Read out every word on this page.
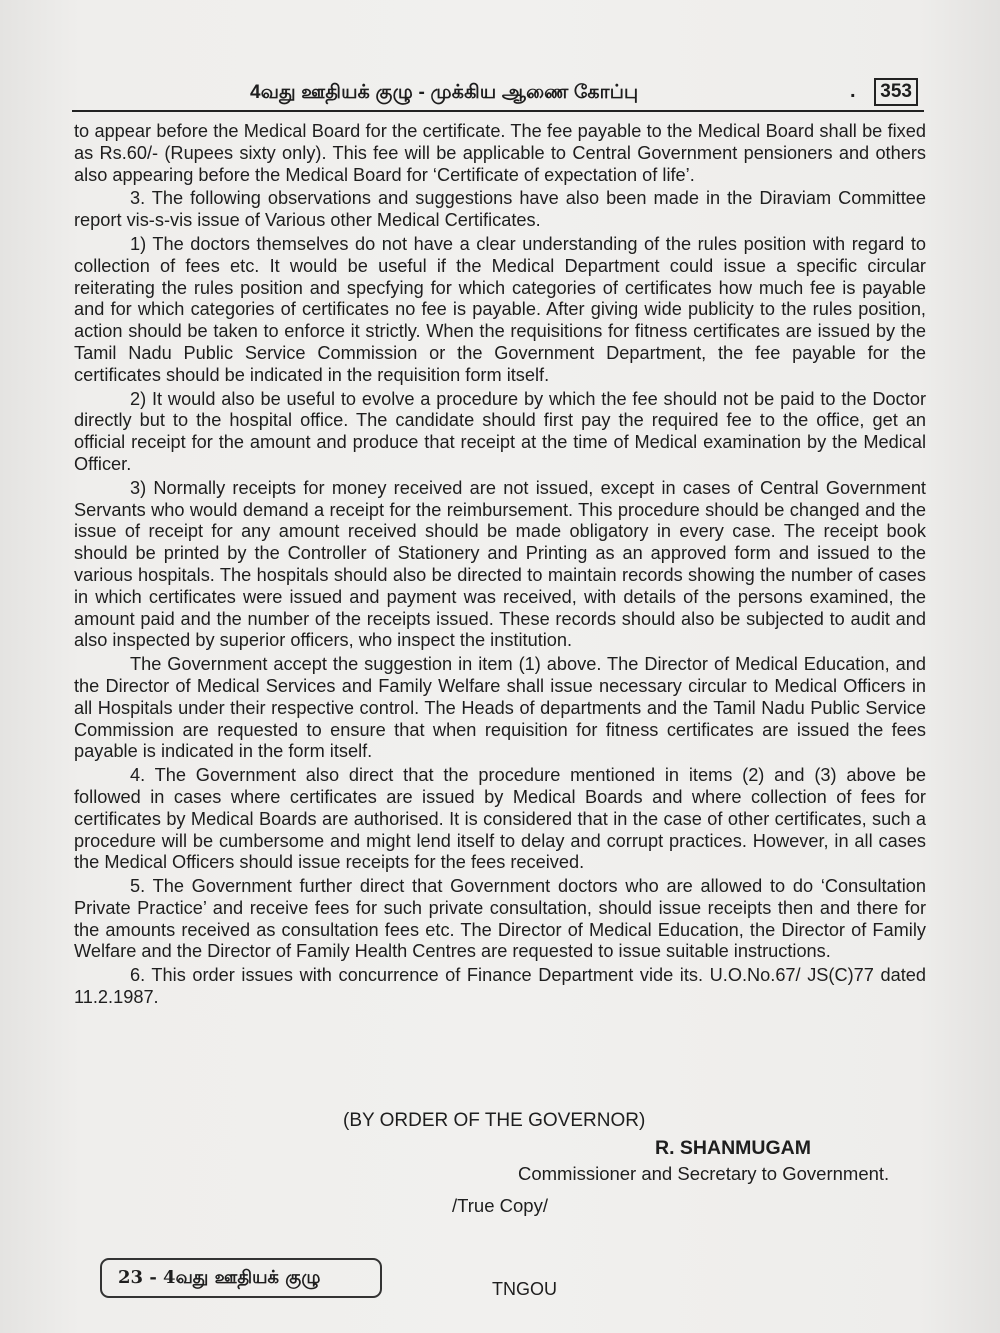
4வது ஊதியக் குழு - முக்கிய ஆணை கோப்பு	.	353

to appear before the Medical Board for the certificate. The fee payable to the Medical Board shall be fixed as Rs.60/- (Rupees sixty only). This fee will be applicable to Central Government pensioners and others also appearing before the Medical Board for ‘Certificate of expectation of life’.

3. The following observations and suggestions have also been made in the Diraviam Committee report vis-s-vis issue of Various other Medical Certificates.

1) The doctors themselves do not have a clear understanding of the rules position with regard to collection of fees etc. It would be useful if the Medical Department could issue a specific circular reiterating the rules position and specfying for which categories of certificates how much fee is payable and for which categories of certificates no fee is payable. After giving wide publicity to the rules position, action should be taken to enforce it strictly. When the requisitions for fitness certificates are issued by the Tamil Nadu Public Service Commission or the Government Department, the fee payable for the certificates should be indicated in the requisition form itself.

2) It would also be useful to evolve a procedure by which the fee should not be paid to the Doctor directly but to the hospital office. The candidate should first pay the required fee to the office, get an official receipt for the amount and produce that receipt at the time of Medical examination by the Medical Officer.

3) Normally receipts for money received are not issued, except in cases of Central Government Servants who would demand a receipt for the reimbursement. This procedure should be changed and the issue of receipt for any amount received should be made obligatory in every case. The receipt book should be printed by the Controller of Stationery and Printing as an approved form and issued to the various hospitals. The hospitals should also be directed to maintain records showing the number of cases in which certificates were issued and payment was received, with details of the persons examined, the amount paid and the number of the receipts issued. These records should also be subjected to audit and also inspected by superior officers, who inspect the institution.

The Government accept the suggestion in item (1) above. The Director of Medical Education, and the Director of Medical Services and Family Welfare shall issue necessary circular to Medical Officers in all Hospitals under their respective control. The Heads of departments and the Tamil Nadu Public Service Commission are requested to ensure that when requisition for fitness certificates are issued the fees payable is indicated in the form itself.

4. The Government also direct that the procedure mentioned in items (2) and (3) above be followed in cases where certificates are issued by Medical Boards and where collection of fees for certificates by Medical Boards are authorised. It is considered that in the case of other certificates, such a procedure will be cumbersome and might lend itself to delay and corrupt practices. However, in all cases the Medical Officers should issue receipts for the fees received.

5. The Government further direct that Government doctors who are allowed to do ‘Consultation Private Practice’ and receive fees for such private consultation, should issue receipts then and there for the amounts received as consultation fees etc. The Director of Medical Education, the Director of Family Welfare and the Director of Family Health Centres are requested to issue suitable instructions.

6. This order issues with concurrence of Finance Department vide its. U.O.No.67/ JS(C)77 dated 11.2.1987.

(BY ORDER OF THE GOVERNOR)
R. SHANMUGAM
Commissioner and Secretary to Government.
/True Copy/
23 - 4வது ஊதியக் குழு
TNGOU
